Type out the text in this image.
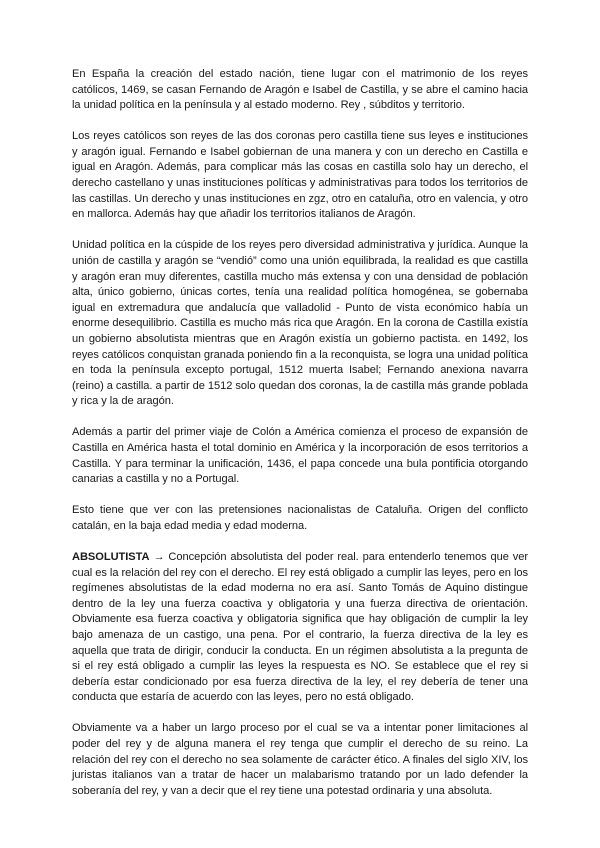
En España la creación del estado nación, tiene lugar con el matrimonio de los reyes católicos, 1469, se casan Fernando de Aragón e Isabel de Castilla, y se abre el camino hacia la unidad política en la península y al estado moderno. Rey , súbditos y territorio.

Los reyes católicos son reyes de las dos coronas pero castilla tiene sus leyes e instituciones y aragón igual. Fernando e Isabel gobiernan de una manera y con un derecho en Castilla e igual en Aragón. Además, para complicar más las cosas en castilla solo hay un derecho, el derecho castellano y unas instituciones políticas y administrativas para todos los territorios de las castillas. Un derecho y unas instituciones en zgz, otro en cataluña, otro en valencia, y otro en mallorca. Además hay que añadir los territorios italianos de Aragón.

Unidad política en la cúspide de los reyes pero diversidad administrativa y jurídica. Aunque la unión de castilla y aragón se “vendió” como una unión equilibrada, la realidad es que castilla y aragón eran muy diferentes, castilla mucho más extensa y con una densidad de población alta, único gobierno, únicas cortes, tenía una realidad política homogénea, se gobernaba igual en extremadura que andalucía que valladolid - Punto de vista económico había un enorme desequilibrio. Castilla es mucho más rica que Aragón. En la corona de Castilla existía un gobierno absolutista mientras que en Aragón existía un gobierno pactista. en 1492, los reyes católicos conquistan granada poniendo fin a la reconquista, se logra una unidad política en toda la península excepto portugal, 1512 muerta Isabel; Fernando anexiona navarra (reino) a castilla. a partir de 1512 solo quedan dos coronas, la de castilla más grande poblada y rica y la de aragón.

Además a partir del primer viaje de Colón a América comienza el proceso de expansión de Castilla en América hasta el total dominio en América y la incorporación de esos territorios a Castilla. Y para terminar la unificación, 1436, el papa concede una bula pontificia otorgando canarias a castilla y no a Portugal.

Esto tiene que ver con las pretensiones nacionalistas de Cataluña. Origen del conflicto catalán, en la baja edad media y edad moderna.

ABSOLUTISTA → Concepción absolutista del poder real. para entenderlo tenemos que ver cual es la relación del rey con el derecho. El rey está obligado a cumplir las leyes, pero en los regímenes absolutistas de la edad moderna no era así. Santo Tomás de Aquino distingue dentro de la ley una fuerza coactiva y obligatoria y una fuerza directiva de orientación. Obviamente esa fuerza coactiva y obligatoria significa que hay obligación de cumplir la ley bajo amenaza de un castigo, una pena. Por el contrario, la fuerza directiva de la ley es aquella que trata de dirigir, conducir la conducta. En un régimen absolutista a la pregunta de si el rey está obligado a cumplir las leyes la respuesta es NO. Se establece que el rey si debería estar condicionado por esa fuerza directiva de la ley, el rey debería de tener una conducta que estaría de acuerdo con las leyes, pero no está obligado.

Obviamente va a haber un largo proceso por el cual se va a intentar poner limitaciones al poder del rey y de alguna manera el rey tenga que cumplir el derecho de su reino. La relación del rey con el derecho no sea solamente de carácter ético. A finales del siglo XIV, los juristas italianos van a tratar de hacer un malabarismo tratando por un lado defender la soberanía del rey, y van a decir que el rey tiene una potestad ordinaria y una absoluta.
